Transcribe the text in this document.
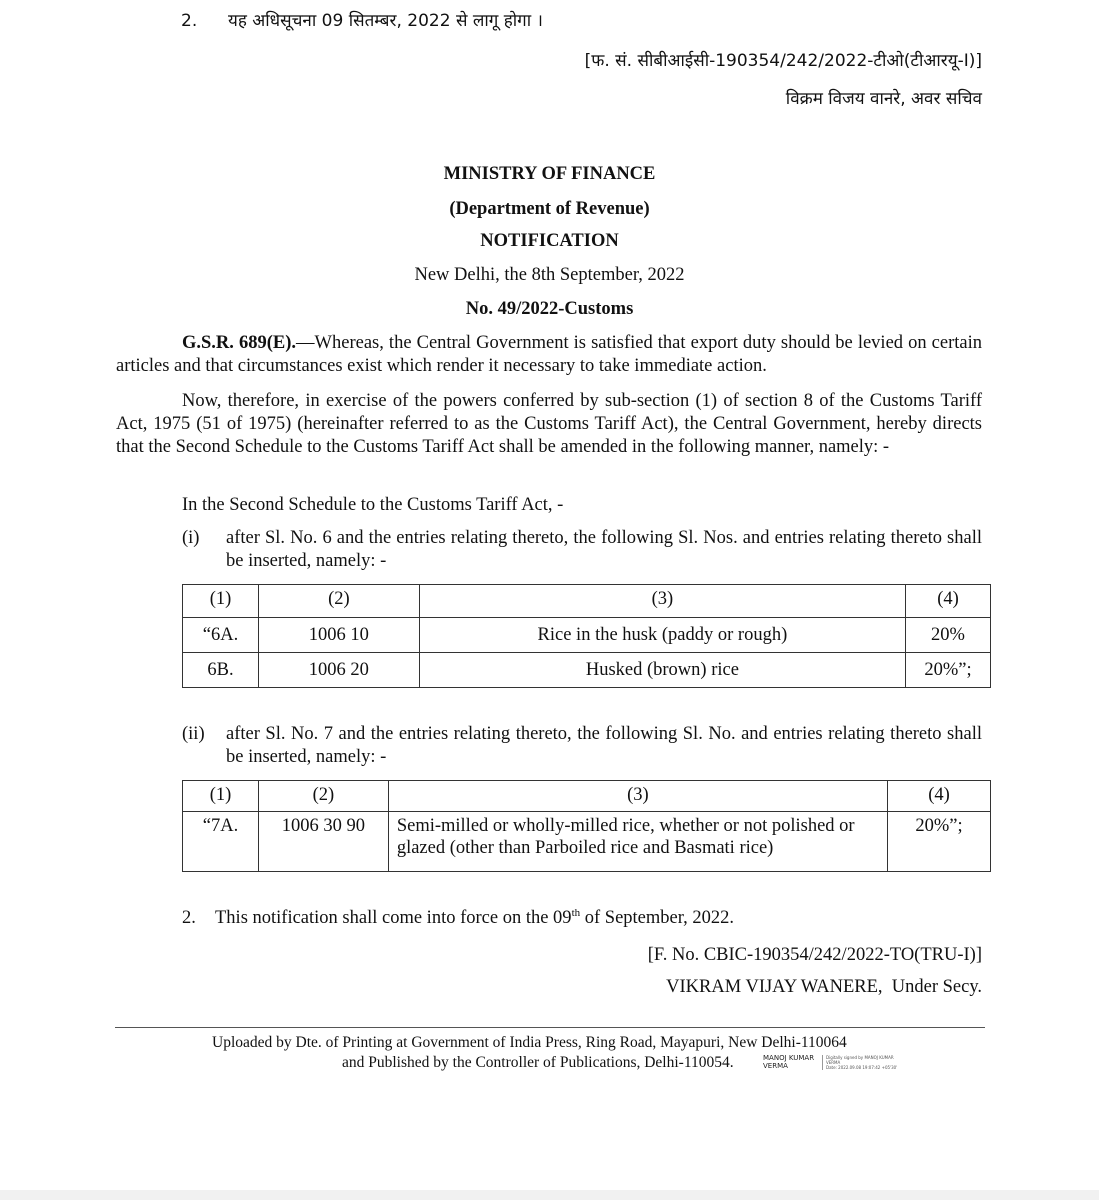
2. यह अधिसूचना 09 सितम्बर, 2022 से लागू होगा ।
[फ. सं. सीबीआईसी-190354/242/2022-टीओ(टीआरयू-I)]
विक्रम विजय वानरे, अवर सचिव
MINISTRY OF FINANCE
(Department of Revenue)
NOTIFICATION
New Delhi, the 8th September, 2022
No. 49/2022-Customs
G.S.R. 689(E).—Whereas, the Central Government is satisfied that export duty should be levied on certain articles and that circumstances exist which render it necessary to take immediate action.
Now, therefore, in exercise of the powers conferred by sub-section (1) of section 8 of the Customs Tariff Act, 1975 (51 of 1975) (hereinafter referred to as the Customs Tariff Act), the Central Government, hereby directs that the Second Schedule to the Customs Tariff Act shall be amended in the following manner, namely: -
In the Second Schedule to the Customs Tariff Act, -
(i) after Sl. No. 6 and the entries relating thereto, the following Sl. Nos. and entries relating thereto shall be inserted, namely: -
(1)	(2)	(3)	(4)
“6A.	1006 10	Rice in the husk (paddy or rough)	20%
6B.	1006 20	Husked (brown) rice	20%”;
(ii) after Sl. No. 7 and the entries relating thereto, the following Sl. No. and entries relating thereto shall be inserted, namely: -
(1)	(2)	(3)	(4)
“7A.	1006 30 90	Semi-milled or wholly-milled rice, whether or not polished or glazed (other than Parboiled rice and Basmati rice)	20%”;
2. This notification shall come into force on the 09th of September, 2022.
[F. No. CBIC-190354/242/2022-TO(TRU-I)]
VIKRAM VIJAY WANERE,  Under Secy.
Uploaded by Dte. of Printing at Government of India Press, Ring Road, Mayapuri, New Delhi-110064
and Published by the Controller of Publications, Delhi-110054.	MANOJ KUMAR
VERMA
Digitally signed by MANOJ KUMAR
VERMA
Date: 2022.09.08 19:07:42 +05'30'
